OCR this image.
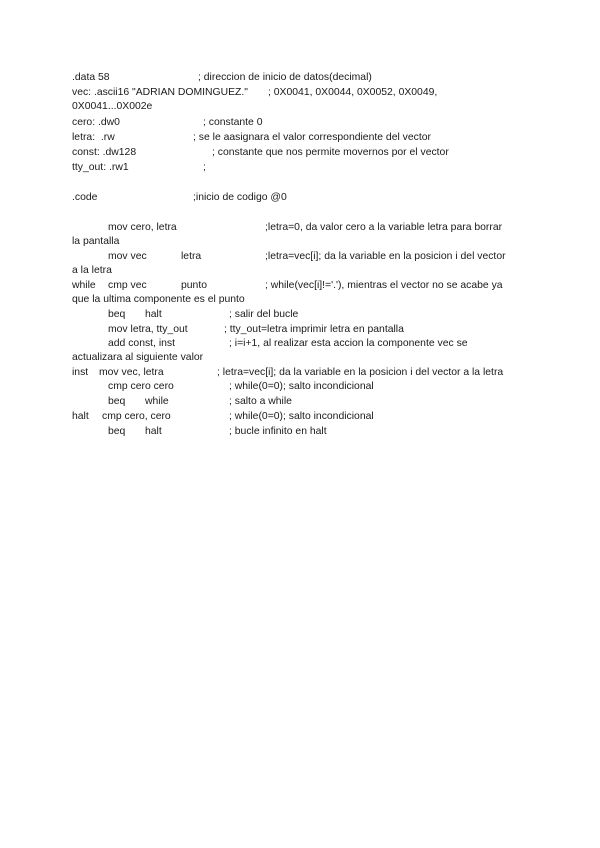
.data 58	; direccion de inicio de datos(decimal)
vec: .ascii16 "ADRIAN DOMINGUEZ." ; 0X0041, 0X0044, 0X0052, 0X0049,
0X0041...0X002e
cero: .dw0	; constante 0
letra:  .rw	; se le aasignara el valor correspondiente del vector
const: .dw128	; constante que nos permite movernos por el vector
tty_out: .rw1	;
.code	;inicio de codigo @0
mov cero, letra	;letra=0, da valor cero a la variable letra para borrar
la pantalla
mov vec	letra	;letra=vec[i]; da la variable en la posicion i del vector
a la letra
while cmp vec	punto	; while(vec[i]!='.'), mientras el vector no se acabe ya
que la ultima componente es el punto
beq halt	; salir del bucle
mov letra, tty_out	; tty_out=letra imprimir letra en pantalla
add const, inst	; i=i+1, al realizar esta accion la componente vec se
actualizara al siguiente valor
inst mov vec, letra	; letra=vec[i]; da la variable en la posicion i del vector a la letra
cmp cero cero	; while(0=0); salto incondicional
beq while	; salto a while
halt cmp cero, cero	; while(0=0); salto incondicional
beq halt	; bucle infinito en halt
